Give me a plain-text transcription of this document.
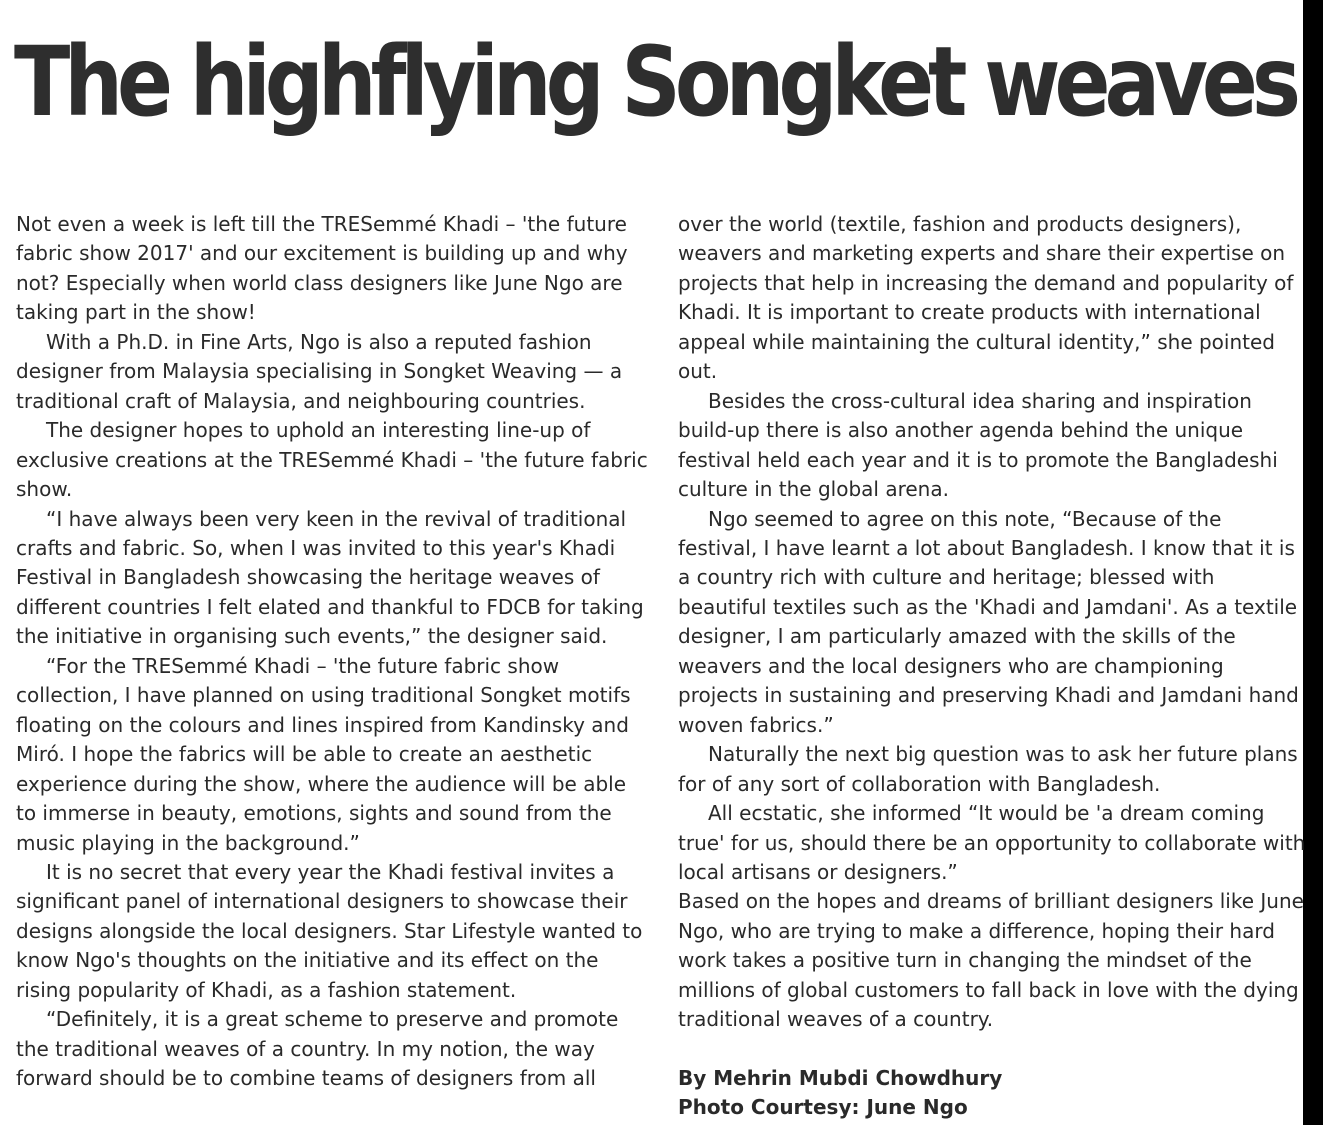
The highflying Songket weaves

Not even a week is left till the TRESemmé Khadi – 'the future fabric show 2017' and our excitement is building up and why not? Especially when world class designers like June Ngo are taking part in the show!

With a Ph.D. in Fine Arts, Ngo is also a reputed fashion designer from Malaysia specialising in Songket Weaving — a traditional craft of Malaysia, and neighbouring countries.

The designer hopes to uphold an interesting line-up of exclusive creations at the TRESemmé Khadi – 'the future fabric show.

“I have always been very keen in the revival of traditional crafts and fabric. So, when I was invited to this year's Khadi Festival in Bangladesh showcasing the heritage weaves of different countries I felt elated and thankful to FDCB for taking the initiative in organising such events,” the designer said.

“For the TRESemmé Khadi – 'the future fabric show collection, I have planned on using traditional Songket motifs floating on the colours and lines inspired from Kandinsky and Miró. I hope the fabrics will be able to create an aesthetic experience during the show, where the audience will be able to immerse in beauty, emotions, sights and sound from the music playing in the background.”

It is no secret that every year the Khadi festival invites a significant panel of international designers to showcase their designs alongside the local designers. Star Lifestyle wanted to know Ngo's thoughts on the initiative and its effect on the rising popularity of Khadi, as a fashion statement.

“Definitely, it is a great scheme to preserve and promote the traditional weaves of a country. In my notion, the way forward should be to combine teams of designers from all

over the world (textile, fashion and products designers), weavers and marketing experts and share their expertise on projects that help in increasing the demand and popularity of Khadi. It is important to create products with international appeal while maintaining the cultural identity,” she pointed out.

Besides the cross-cultural idea sharing and inspiration build-up there is also another agenda behind the unique festival held each year and it is to promote the Bangladeshi culture in the global arena.

Ngo seemed to agree on this note, “Because of the festival, I have learnt a lot about Bangladesh. I know that it is a country rich with culture and heritage; blessed with beautiful textiles such as the 'Khadi and Jamdani'. As a textile designer, I am particularly amazed with the skills of the weavers and the local designers who are championing projects in sustaining and preserving Khadi and Jamdani hand woven fabrics.”

Naturally the next big question was to ask her future plans for of any sort of collaboration with Bangladesh.

All ecstatic, she informed “It would be 'a dream coming true' for us, should there be an opportunity to collaborate with local artisans or designers.”

Based on the hopes and dreams of brilliant designers like June Ngo, who are trying to make a difference, hoping their hard work takes a positive turn in changing the mindset of the millions of global customers to fall back in love with the dying traditional weaves of a country.

By Mehrin Mubdi Chowdhury
Photo Courtesy: June Ngo
